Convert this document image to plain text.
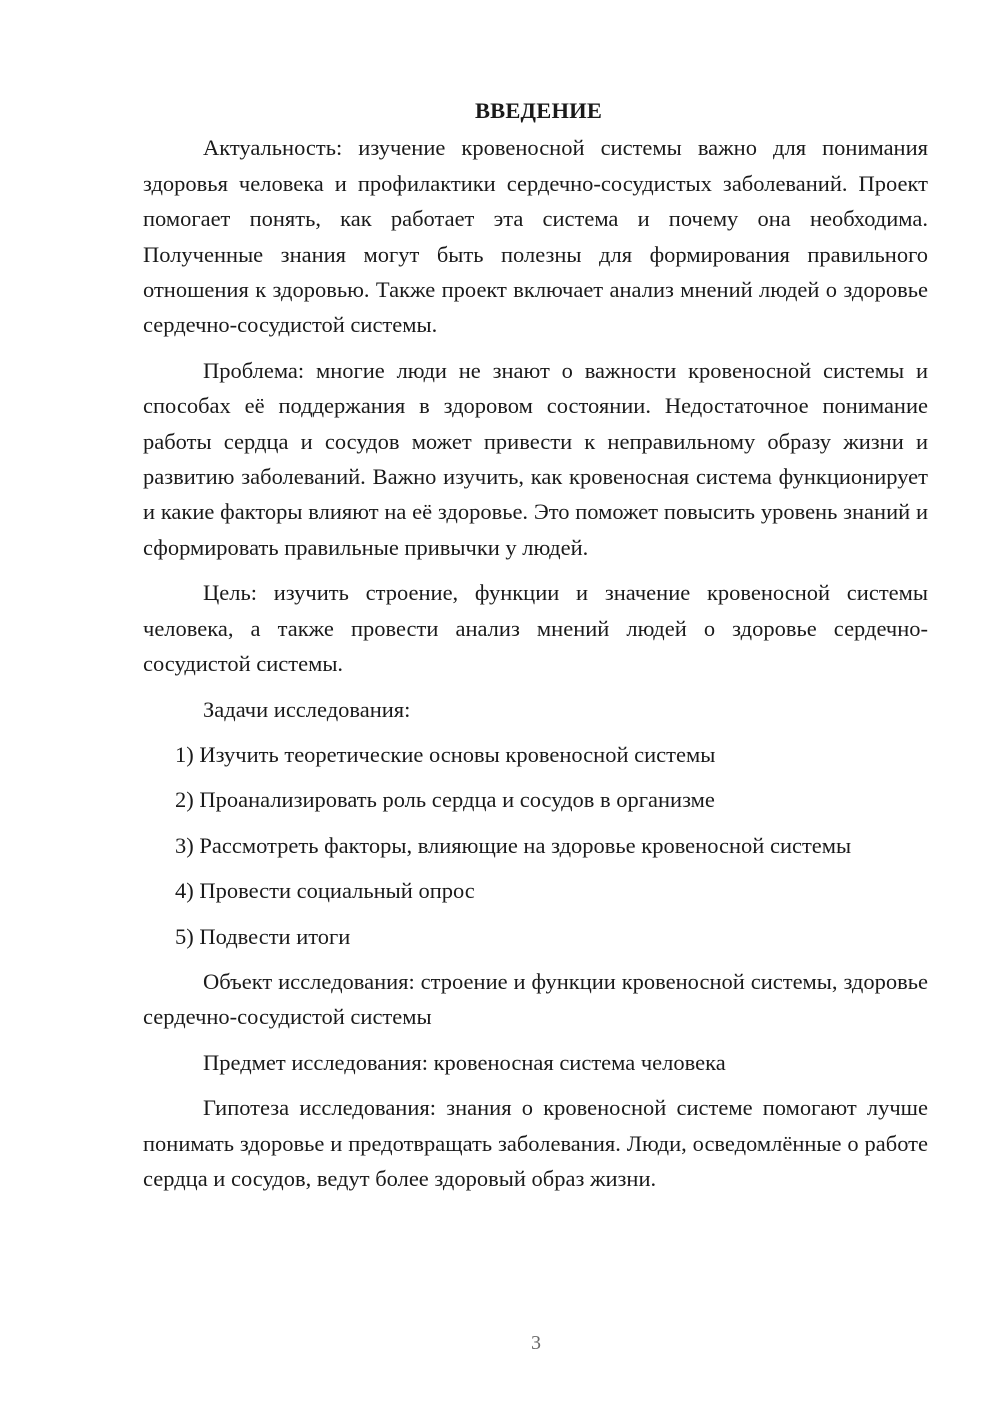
ВВЕДЕНИЕ

Актуальность: изучение кровеносной системы важно для понимания здоровья человека и профилактики сердечно-сосудистых заболеваний. Проект помогает понять, как работает эта система и почему она необходима. Полученные знания могут быть полезны для формирования правильного отношения к здоровью. Также проект включает анализ мнений людей о здоровье сердечно-сосудистой системы.

Проблема: многие люди не знают о важности кровеносной системы и способах её поддержания в здоровом состоянии. Недостаточное понимание работы сердца и сосудов может привести к неправильному образу жизни и развитию заболеваний. Важно изучить, как кровеносная система функционирует и какие факторы влияют на её здоровье. Это поможет повысить уровень знаний и сформировать правильные привычки у людей.

Цель: изучить строение, функции и значение кровеносной системы человека, а также провести анализ мнений людей о здоровье сердечно-сосудистой системы.

Задачи исследования:

1) Изучить теоретические основы кровеносной системы
2) Проанализировать роль сердца и сосудов в организме
3) Рассмотреть факторы, влияющие на здоровье кровеносной системы
4) Провести социальный опрос
5) Подвести итоги

Объект исследования: строение и функции кровеносной системы, здоровье сердечно-сосудистой системы

Предмет исследования: кровеносная система человека

Гипотеза исследования: знания о кровеносной системе помогают лучше понимать здоровье и предотвращать заболевания. Люди, осведомлённые о работе сердца и сосудов, ведут более здоровый образ жизни.

3
